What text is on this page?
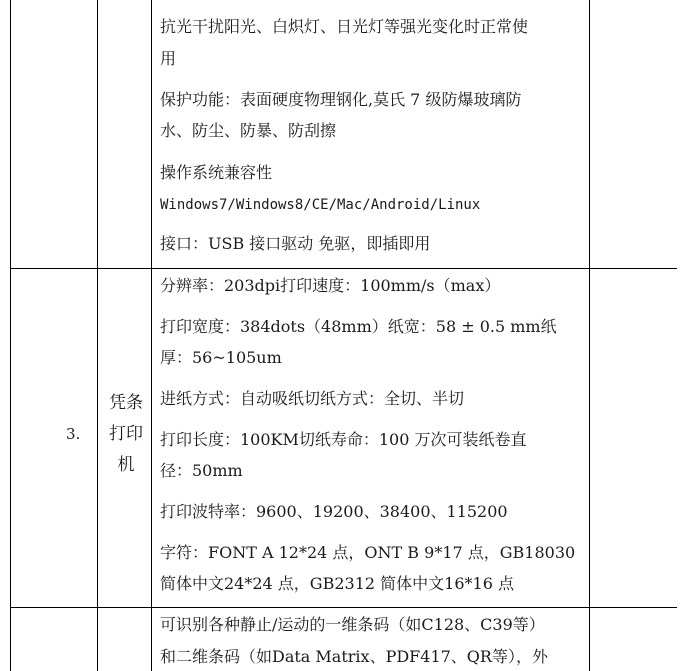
抗光干扰阳光、白炽灯、日光灯等强光变化时正常使
用
保护功能：表面硬度物理钢化,莫氏 7 级防爆玻璃防
水、防尘、防暴、防刮擦
操作系统兼容性
Windows7/Windows8/CE/Mac/Android/Linux
接口：USB 接口驱动 免驱，即插即用
3.
凭条
打印
机
分辨率：203dpi打印速度：100mm/s（max）
打印宽度：384dots（48mm）纸宽：58 ± 0.5 mm纸
厚：56~105um
进纸方式：自动吸纸切纸方式：全切、半切
打印长度：100KM切纸寿命：100 万次可装纸卷直
径：50mm
打印波特率：9600、19200、38400、115200
字符：FONT A 12*24 点，ONT B 9*17 点，GB18030
简体中文24*24 点，GB2312 简体中文16*16 点
可识别各种静止/运动的一维条码（如C128、C39等）
和二维条码（如Data Matrix、PDF417、QR等），外
